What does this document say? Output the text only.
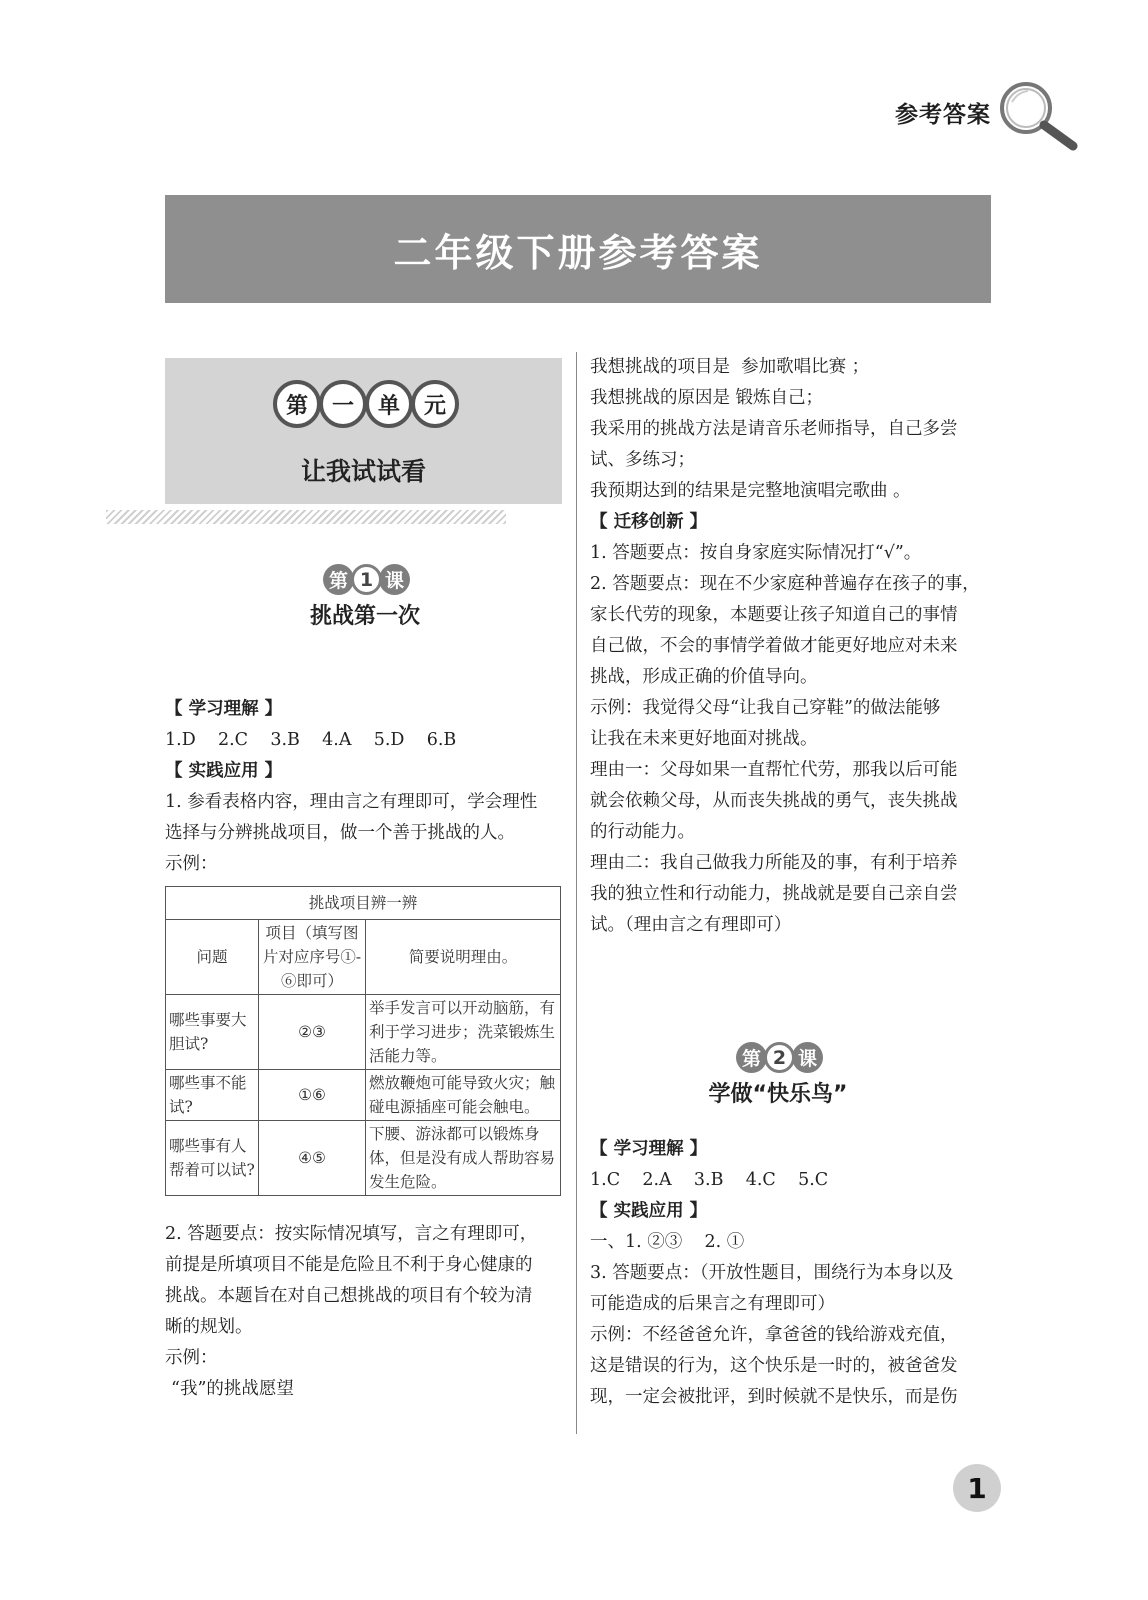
参考答案
二年级下册参考答案
第	一	单	元
让我试试看
第 1 课
挑战第一次

【 学习理解 】

1.D    2.C    3.B    4.A    5.D    6.B

【 实践应用 】

1. 参看表格内容，理由言之有理即可，学会理性

选择与分辨挑战项目，做一个善于挑战的人。

示例：

挑战项目辨一辨		
问题	项目（填写图片对应序号①-⑥即可）	简要说明理由。
哪些事要大胆试?	②③	举手发言可以开动脑筋，有利于学习进步；洗菜锻炼生活能力等。
哪些事不能试?	①⑥	燃放鞭炮可能导致火灾；触碰电源插座可能会触电。
哪些事有人帮着可以试?	④⑤	下腰、游泳都可以锻炼身体，但是没有成人帮助容易发生危险。

2. 答题要点：按实际情况填写，言之有理即可，

前提是所填项目不能是危险且不利于身心健康的

挑战。本题旨在对自己想挑战的项目有个较为清

晰的规划。

示例：

“我”的挑战愿望

我想挑战的项目是  参加歌唱比赛 ；

我想挑战的原因是 锻炼自己；

我采用的挑战方法是请音乐老师指导，自己多尝

试、多练习；

我预期达到的结果是完整地演唱完歌曲 。

【 迁移创新 】

1. 答题要点：按自身家庭实际情况打“√”。

2. 答题要点：现在不少家庭种普遍存在孩子的事，

家长代劳的现象，本题要让孩子知道自己的事情

自己做，不会的事情学着做才能更好地应对未来

挑战，形成正确的价值导向。

示例：我觉得父母“让我自己穿鞋”的做法能够

让我在未来更好地面对挑战。

理由一：父母如果一直帮忙代劳，那我以后可能

就会依赖父母，从而丧失挑战的勇气，丧失挑战

的行动能力。

理由二：我自己做我力所能及的事，有利于培养

我的独立性和行动能力，挑战就是要自己亲自尝

试。（理由言之有理即可）

第 2 课
学做“快乐鸟”

【 学习理解 】

1.C    2.A    3.B    4.C    5.C

【 实践应用 】

一、1. ②③    2. ①

3. 答题要点：（开放性题目，围绕行为本身以及

可能造成的后果言之有理即可）

示例：不经爸爸允许，拿爸爸的钱给游戏充值，

这是错误的行为，这个快乐是一时的，被爸爸发

现，一定会被批评，到时候就不是快乐，而是伤

1
